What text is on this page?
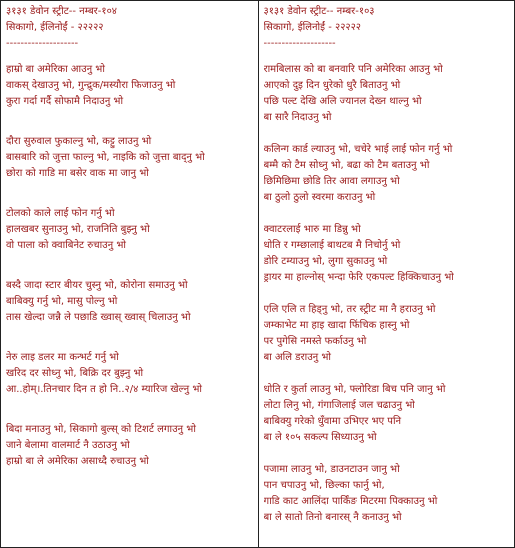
३१३१ डेवोन स्ट्रीट-- नम्बर-१०४
सिकागो, ईलिनोईं - २२२२२
--------------------
हाम्रो बा अमेरिका आउनु भो
वाकस् देखाउनु भो, गुन्द्रुक/मस्यौरा फिजाउनु भो
कुरा गर्दा गर्दै सोफामै निदाउनु भो
दौरा सुरुवाल फुकाल्नु भो, कट्टु लाउनु भो
बासबारि को जुत्ता फाल्नु भो, नाइकि को जुत्ता बाद्नु भो
छोरा को गाडि मा बसेर वाक मा जानु भो
टोलको काले लाई फोन गर्नु भो
हालखबर सुनाउनु भो, राजनिति बुझ्नु भो
वो पाला को क्वाबिनेट रुचाउनु भो
बस्दै जादा स्टार बीयर चुस्नु भो, कोरोना समाउनु भो
बाबिक्यु गर्नु भो, मासु पोल्नु भो
तास खेल्दा जन्नै ले पछाडि ख्वास् ख्वास् चिलाउनु भो
नेरु लाइ डलर मा कन्भर्ट गर्नु भो
खरिद दर सोध्नु भो, बिक्रि दर बुझ्नु भो
आ..होम्।.तिनचार दिन त हो नि..२/४ म्यारिज खेल्नु भो
बिदा मनाउनु भो, सिकागो बुल्स् को टिशर्ट लगाउनु भो
जाने बेलामा वालमार्ट नै उठाउनु भो
हाम्रो बा ले अमेरिका असाध्दै रुचाउनु भो
३१३१ डेवोन स्ट्रीट-- नम्बर-१०३
सिकागो, ईलिनोईं - २२२२२
--------------------
रामबिलास को बा बनवारि पनि अमेरिका आउनु भो
आएको दुइ दिन धुरेको धुरै बिताउनु भो
पछि पल्ट देखि अलि ज्यानल देख्न थाल्नु भो
बा सारै निदाउनु भो
कलिन्ग कार्ड ल्याउनु भो, चचेरे भाई लाई फोन गर्नु भो
बम्मै को टैम सोध्नु भो, बढा को टैम बताउनु भो
छिमिछिमा छोडि तिर आवा लगाउनु भो
बा ठुलो ठुलो स्वरमा कराउनु भो
क्वाटरलाई भारु मा डिन्नु भो
धोति र गम्छालाई बाथटब मै निचोर्नु भो
डोरि टम्याउनु भो, लुगा सुकाउनु भो
ड्रायर मा हाल्नोस् भन्दा फेरि एकपल्ट हिक्किचाउनु भो
एलि एलि त हिड्नु भो, तर स्ट्रीट मा नै हराउनु भो
जम्काभेट मा हाइ खादा फिंचिक हास्नु भो
पर पुगेसि नमस्ते फर्काउनु भो
बा अलि डराउनु भो
धोति र कुर्ता लाउनु भो, फ्लोरिडा बिच पनि जानु भो
लोटा लिनु भो, गंगाजिलाई जल चढाउनु भो
बाबिक्यु गरेको धुँवामा उभिएर भए पनि
बा ले १०५ सकल्प सिध्याउनु भो
पजामा लाउनु भो, डाउनटाउन जानु भो
पान चपाउनु भो, छिल्का फार्नु भो,
गाडि काट आलिंदा पार्किंङ मिटरमा पिक्काउनु भो
बा ले सातो तिनो बनारस् नै कनाउनु भो
